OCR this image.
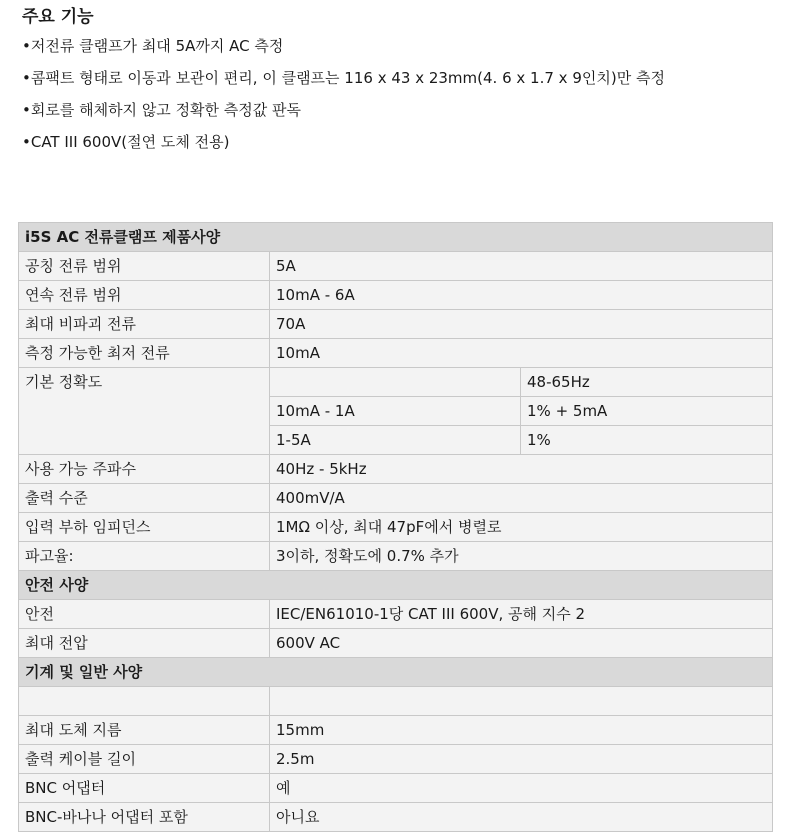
주요 기능
•저전류 클램프가 최대 5A까지 AC 측정
•콤팩트 형태로 이동과 보관이 편리, 이 클램프는 116 x 43 x 23mm(4. 6 x 1.7 x 9인치)만 측정
•회로를 해체하지 않고 정확한 측정값 판독
•CAT III 600V(절연 도체 전용)
i5S AC 전류클램프 제품사양		
공칭 전류 범위	5A	
연속 전류 범위	10mA - 6A	
최대 비파괴 전류	70A	
측정 가능한 최저 전류	10mA	
기본 정확도		48-65Hz
	10mA - 1A	1% + 5mA
	1-5A	1%
사용 가능 주파수	40Hz - 5kHz	
출력 수준	400mV/A	
입력 부하 임피던스	1MΩ 이상, 최대 47pF에서 병렬로	
파고율:	3이하, 정확도에 0.7% 추가	
안전 사양		
안전	IEC/EN61010-1당 CAT III 600V, 공해 지수 2	
최대 전압	600V AC	
기계 및 일반 사양		

최대 도체 지름	15mm	
출력 케이블 길이	2.5m	
BNC 어댑터	예	
BNC-바나나 어댑터 포함	아니요	
